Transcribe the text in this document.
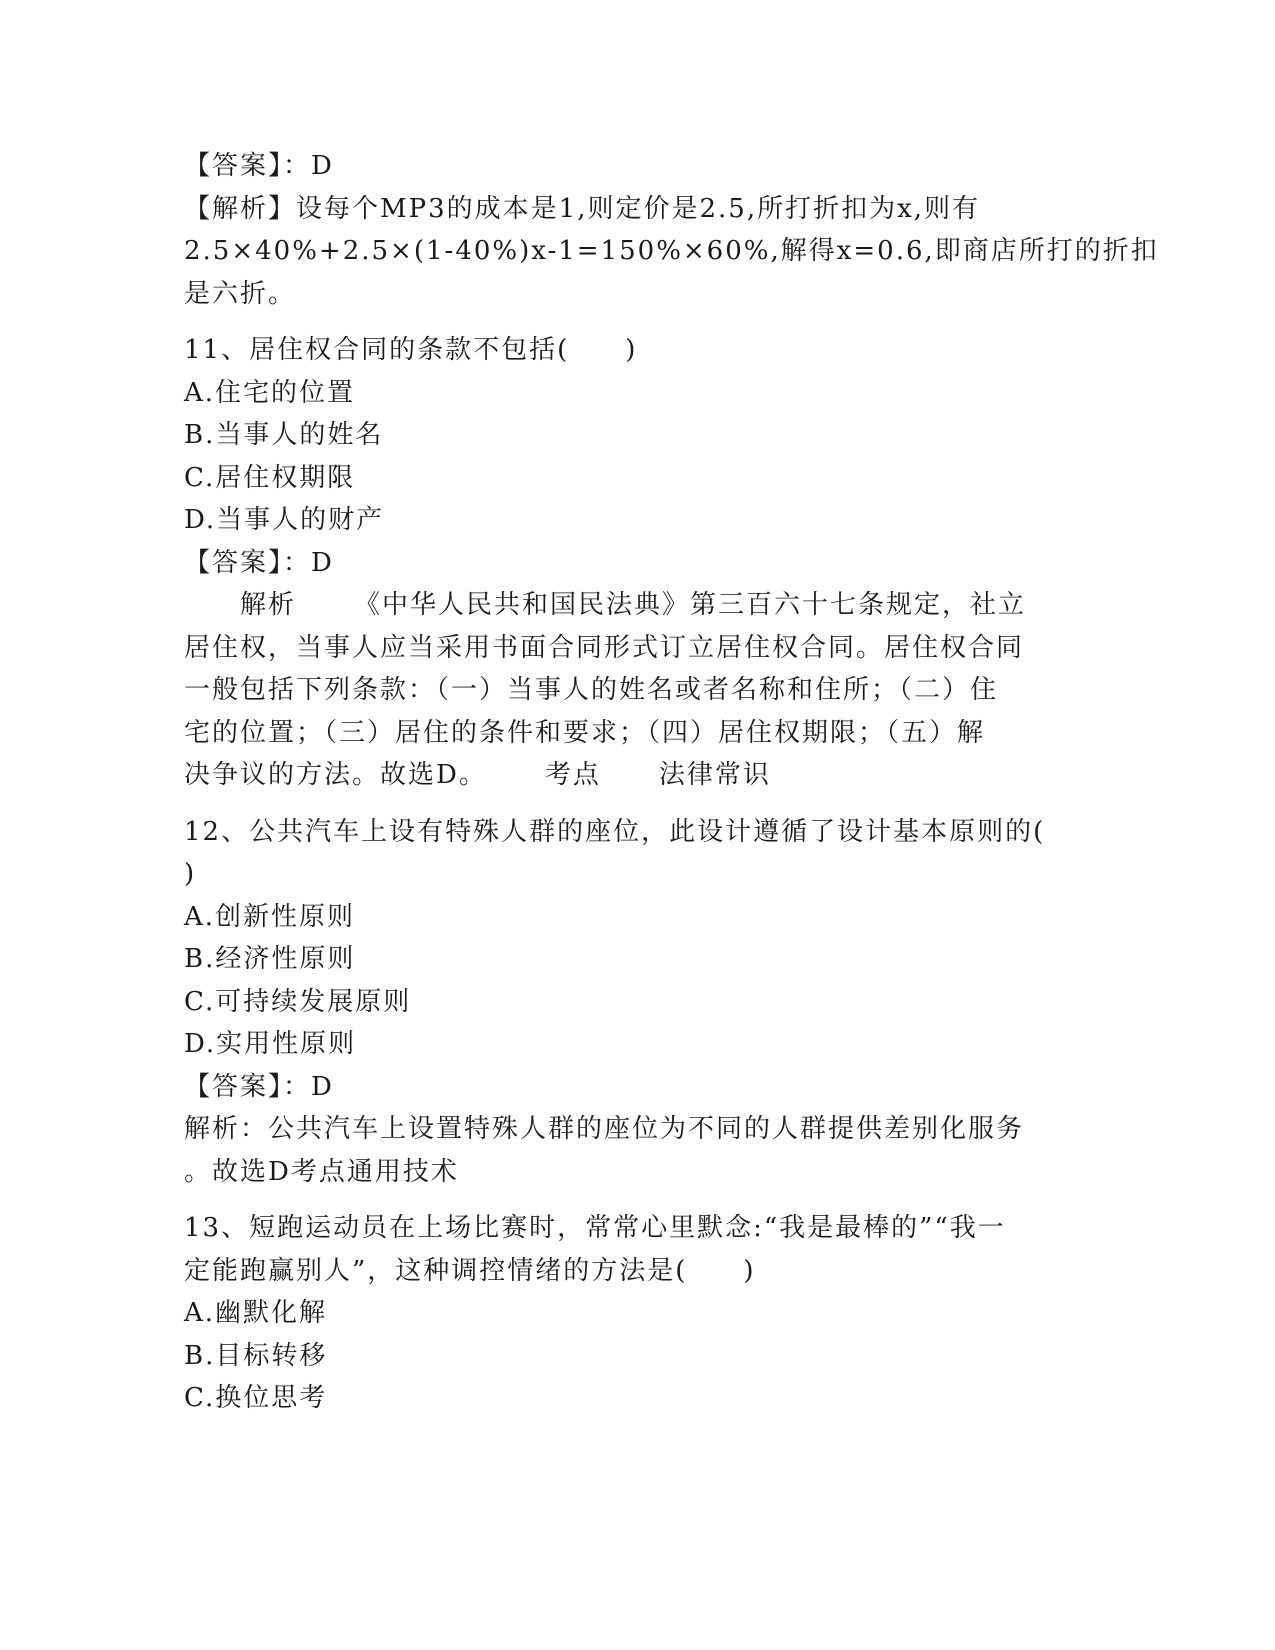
【答案】：D
【解析】设每个MP3的成本是1,则定价是2.5,所打折扣为x,则有
2.5×40%+2.5×(1-40%)x-1=150%×60%,解得x=0.6,即商店所打的折扣
是六折。
11、居住权合同的条款不包括(　　)
A.住宅的位置
B.当事人的姓名
C.居住权期限
D.当事人的财产
【答案】：D
解析 《中华人民共和国民法典》第三百六十七条规定，社立
居住权，当事人应当采用书面合同形式订立居住权合同。居住权合同
一般包括下列条款：（一）当事人的姓名或者名称和住所；（二）住
宅的位置；（三）居住的条件和要求；（四）居住权期限；（五）解
决争议的方法。故选D。 考点 法律常识
12、公共汽车上设有特殊人群的座位，此设计遵循了设计基本原则的(
)
A.创新性原则
B.经济性原则
C.可持续发展原则
D.实用性原则
【答案】：D
解析：公共汽车上设置特殊人群的座位为不同的人群提供差别化服务
。故选D考点通用技术
13、短跑运动员在上场比赛时，常常心里默念:“我是最棒的”“我一
定能跑赢别人”，这种调控情绪的方法是(　　)
A.幽默化解
B.目标转移
C.换位思考
